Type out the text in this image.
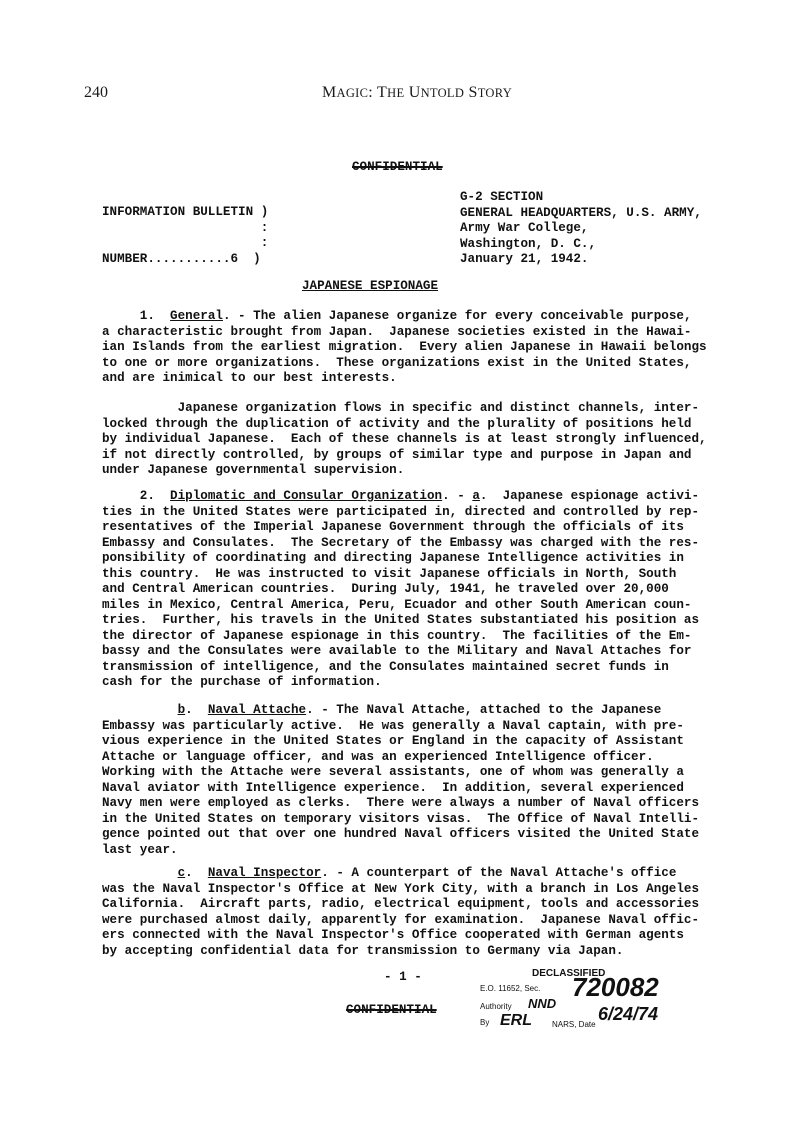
240	MAGIC: THE UNTOLD STORY
CONFIDENTIAL
INFORMATION BULLETIN )
:
:
NUMBER...........6  )
G-2 SECTION
GENERAL HEADQUARTERS, U.S. ARMY,
Army War College,
Washington, D. C.,
January 21, 1942.
JAPANESE ESPIONAGE
1.  General. - The alien Japanese organize for every conceivable purpose,
a characteristic brought from Japan.  Japanese societies existed in the Hawai-
ian Islands from the earliest migration.  Every alien Japanese in Hawaii belongs
to one or more organizations.  These organizations exist in the United States,
and are inimical to our best interests.
Japanese organization flows in specific and distinct channels, inter-
locked through the duplication of activity and the plurality of positions held
by individual Japanese.  Each of these channels is at least strongly influenced,
if not directly controlled, by groups of similar type and purpose in Japan and
under Japanese governmental supervision.
2.  Diplomatic and Consular Organization. - a.  Japanese espionage activi-
ties in the United States were participated in, directed and controlled by rep-
resentatives of the Imperial Japanese Government through the officials of its
Embassy and Consulates.  The Secretary of the Embassy was charged with the res-
ponsibility of coordinating and directing Japanese Intelligence activities in
this country.  He was instructed to visit Japanese officials in North, South
and Central American countries.  During July, 1941, he traveled over 20,000
miles in Mexico, Central America, Peru, Ecuador and other South American coun-
tries.  Further, his travels in the United States substantiated his position as
the director of Japanese espionage in this country.  The facilities of the Em-
bassy and the Consulates were available to the Military and Naval Attaches for
transmission of intelligence, and the Consulates maintained secret funds in
cash for the purchase of information.
b.  Naval Attache. - The Naval Attache, attached to the Japanese
Embassy was particularly active.  He was generally a Naval captain, with pre-
vious experience in the United States or England in the capacity of Assistant
Attache or language officer, and was an experienced Intelligence officer.
Working with the Attache were several assistants, one of whom was generally a
Naval aviator with Intelligence experience.  In addition, several experienced
Navy men were employed as clerks.  There were always a number of Naval officers
in the United States on temporary visitors visas.  The Office of Naval Intelli-
gence pointed out that over one hundred Naval officers visited the United State
last year.
c.  Naval Inspector. - A counterpart of the Naval Attache's office
was the Naval Inspector's Office at New York City, with a branch in Los Angeles
California.  Aircraft parts, radio, electrical equipment, tools and accessories
were purchased almost daily, apparently for examination.  Japanese Naval offic-
ers connected with the Naval Inspector's Office cooperated with German agents
by accepting confidential data for transmission to Germany via Japan.
- 1 -
CONFIDENTIAL
DECLASSIFIED
E.O. 11652, Sec.
Authority
By	NARS, Date
720082
6/24/74
ERL
NND
